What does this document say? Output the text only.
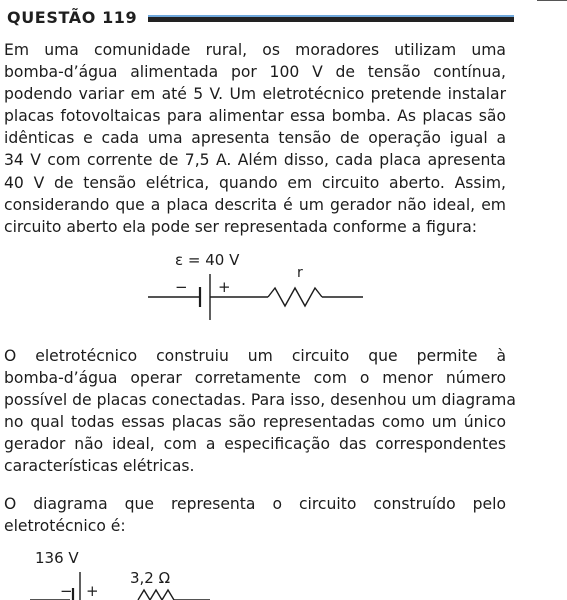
QUESTÃO 119
Em uma comunidade rural, os moradores utilizam uma
bomba-d’água alimentada por 100 V de tensão contínua,
podendo variar em até 5 V. Um eletrotécnico pretende instalar
placas fotovoltaicas para alimentar essa bomba. As placas são
idênticas e cada uma apresenta tensão de operação igual a
34 V com corrente de 7,5 A. Além disso, cada placa apresenta
40 V de tensão elétrica, quando em circuito aberto. Assim,
considerando que a placa descrita é um gerador não ideal, em
circuito aberto ela pode ser representada conforme a figura:
ε = 40 V
r
− +
136 V
3,2 Ω
− +
O eletrotécnico construiu um circuito que permite à
bomba-d’água operar corretamente com o menor número
possível de placas conectadas. Para isso, desenhou um diagrama
no qual todas essas placas são representadas como um único
gerador não ideal, com a especificação das correspondentes
características elétricas.
O diagrama que representa o circuito construído pelo
eletrotécnico é:
